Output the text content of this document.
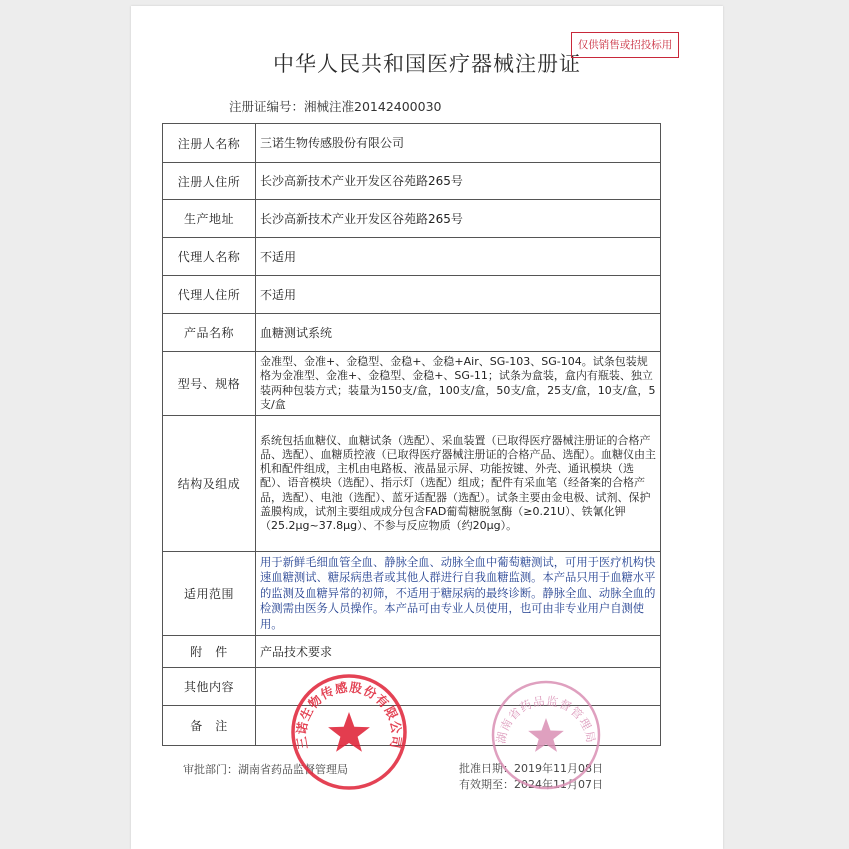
中华人民共和国医疗器械注册证
仅供销售或招投标用
注册证编号：湘械注准20142400030
注册人名称	三诺生物传感股份有限公司
注册人住所	长沙高新技术产业开发区谷苑路265号
生产地址	长沙高新技术产业开发区谷苑路265号
代理人名称	不适用
代理人住所	不适用
产品名称	血糖测试系统
型号、规格	金准型、金准+、金稳型、金稳+、金稳+Air、SG-103、SG-104。试条包装规格为金准型、金准+、金稳型、金稳+、SG-11；试条为盒装，盒内有瓶装、独立装两种包装方式；装量为150支/盒，100支/盒，50支/盒，25支/盒，10支/盒，5支/盒
结构及组成	系统包括血糖仪、血糖试条（选配）、采血装置（已取得医疗器械注册证的合格产品、选配）、血糖质控液（已取得医疗器械注册证的合格产品、选配）。血糖仪由主机和配件组成，主机由电路板、液晶显示屏、功能按键、外壳、通讯模块（选配）、语音模块（选配）、指示灯（选配）组成；配件有采血笔（经备案的合格产品，选配）、电池（选配）、蓝牙适配器（选配）。试条主要由金电极、试剂、保护盖膜构成，试剂主要组成成分包含FAD葡萄糖脱氢酶（≥0.21U）、铁氰化钾（25.2μg~37.8μg）、不参与反应物质（约20μg）。
适用范围	用于新鲜毛细血管全血、静脉全血、动脉全血中葡萄糖测试，可用于医疗机构快速血糖测试、糖尿病患者或其他人群进行自我血糖监测。本产品只用于血糖水平的监测及血糖异常的初筛，不适用于糖尿病的最终诊断。静脉全血、动脉全血的检测需由医务人员操作。本产品可由专业人员使用，也可由非专业用户自测使用。
附　件	产品技术要求
其他内容	
备　注	
审批部门：湖南省药品监督管理局	批准日期：2019年11月08日
有效期至：2024年11月07日
三诺生物传感股份有限公司	湖南省药品监督管理局
